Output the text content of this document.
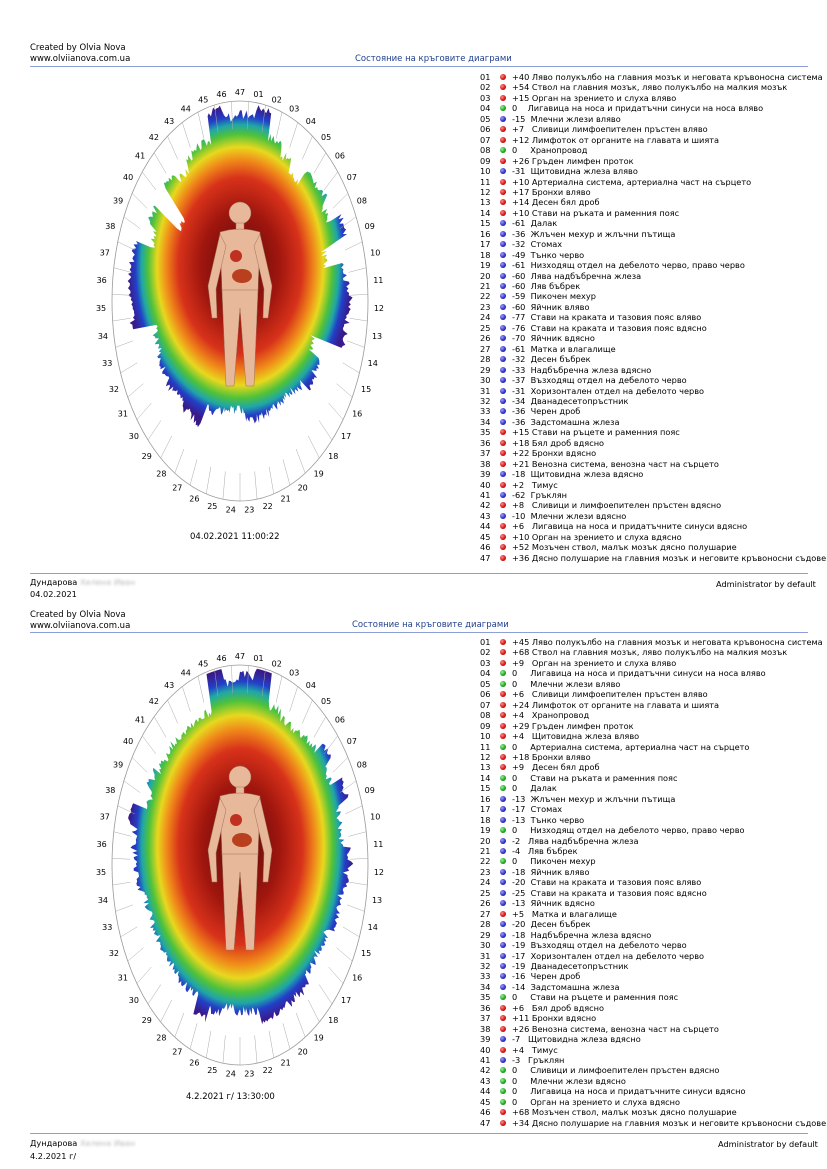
Created by Olvia Nova
www.olviianova.com.ua	Состояние на кръговите диаграми
47 01
02
03
04
05
06
07
08
09
10
11
12
13
14
15
16
17
18
19
20
21
22
23
24
25
26
27
28
29
30
31
32
33
34
35
36
37
38
39
40
41
42
43
44
45
46
04.02.2021 11:00:22
01	+40 Ляво полукълбо на главния мозък и неговата кръвоносна система
02	+54 Ствол на главния мозък, ляво полукълбо на малкия мозък
03	+15 Орган на зрението и слуха вляво
04	0    Лигавица на носа и придатъчни синуси на носа вляво
05	-15  Млечни жлези вляво
06	+7   Сливици лимфоепителен пръстен вляво
07	+12 Лимфоток от органите на главата и шията
08	0     Хранопровод
09	+26 Гръден лимфен проток
10	-31  Щитовидна жлеза вляво
11	+10 Артериална система, артериална част на сърцето
12	+17 Бронхи вляво
13	+14 Десен бял дроб
14	+10 Стави на ръката и раменния пояс
15	-61  Далак
16	-36  Жлъчен мехур и жлъчни пътища
17	-32  Стомах
18	-49  Тънко черво
19	-61  Низходящ отдел на дебелото черво, право черво
20	-60  Лява надбъбречна жлеза
21	-60  Ляв бъбрек
22	-59  Пикочен мехур
23	-60  Яйчник вляво
24	-77  Стави на краката и тазовия пояс вляво
25	-76  Стави на краката и тазовия пояс вдясно
26	-70  Яйчник вдясно
27	-61  Матка и влагалище
28	-32  Десен бъбрек
29	-33  Надбъбречна жлеза вдясно
30	-37  Възходящ отдел на дебелото черво
31	-31  Хоризонтален отдел на дебелото черво
32	-34  Дванадесетопръстник
33	-36  Черен дроб
34	-36  Задстомашна жлеза
35	+15 Стави на ръцете и раменния пояс
36	+18 Бял дроб вдясно
37	+22 Бронхи вдясно
38	+21 Венозна система, венозна част на сърцето
39	-18  Щитовидна жлеза вдясно
40	+2   Тимус
41	-62  Гръклян
42	+8   Сливици и лимфоепителен пръстен вдясно
43	-10  Млечни жлези вдясно
44	+6   Лигавица на носа и придатъчните синуси вдясно
45	+10 Орган на зрението и слуха вдясно
46	+52 Мозъчен ствол, малък мозък дясно полушарие
47	+36 Дясно полушарие на главния мозък и неговите кръвоносни съдове
Дундарова Хелена Иван
04.02.2021
Administrator by default
Created by Olvia Nova
www.olviianova.com.ua	Состояние на кръговите диаграми
47 01
02
03
04
05
06
07
08
09
10
11
12
13
14
15
16
17
18
19
20
21
22
23
24
25
26
27
28
29
30
31
32
33
34
35
36
37
38
39
40
41
42
43
44
45
46
4.2.2021 г/ 13:30:00
01	+45 Ляво полукълбо на главния мозък и неговата кръвоносна система
02	+68 Ствол на главния мозък, ляво полукълбо на малкия мозък
03	+9   Орган на зрението и слуха вляво
04	0     Лигавица на носа и придатъчни синуси на носа вляво
05	0     Млечни жлези вляво
06	+6   Сливици лимфоепителен пръстен вляво
07	+24 Лимфоток от органите на главата и шията
08	+4   Хранопровод
09	+29 Гръден лимфен проток
10	+4   Щитовидна жлеза вляво
11	0     Артериална система, артериална част на сърцето
12	+18 Бронхи вляво
13	+9   Десен бял дроб
14	0     Стави на ръката и раменния пояс
15	0     Далак
16	-13  Жлъчен мехур и жлъчни пътища
17	-17  Стомах
18	-13  Тънко черво
19	0     Низходящ отдел на дебелото черво, право черво
20	-2   Лява надбъбречна жлеза
21	-4   Ляв бъбрек
22	0     Пикочен мехур
23	-18  Яйчник вляво
24	-20  Стави на краката и тазовия пояс вляво
25	-25  Стави на краката и тазовия пояс вдясно
26	-13  Яйчник вдясно
27	+5   Матка и влагалище
28	-20  Десен бъбрек
29	-18  Надбъбречна жлеза вдясно
30	-19  Възходящ отдел на дебелото черво
31	-17  Хоризонтален отдел на дебелото черво
32	-19  Дванадесетопръстник
33	-16  Черен дроб
34	-14  Задстомашна жлеза
35	0     Стави на ръцете и раменния пояс
36	+6   Бял дроб вдясно
37	+11 Бронхи вдясно
38	+26 Венозна система, венозна част на сърцето
39	-7   Щитовидна жлеза вдясно
40	+4   Тимус
41	-3   Гръклян
42	0     Сливици и лимфоепителен пръстен вдясно
43	0     Млечни жлези вдясно
44	0     Лигавица на носа и придатъчните синуси вдясно
45	0     Орган на зрението и слуха вдясно
46	+68 Мозъчен ствол, малък мозък дясно полушарие
47	+34 Дясно полушарие на главния мозък и неговите кръвоносни съдове
Дундарова Хелена Иван
4.2.2021 г/
Administrator by default
